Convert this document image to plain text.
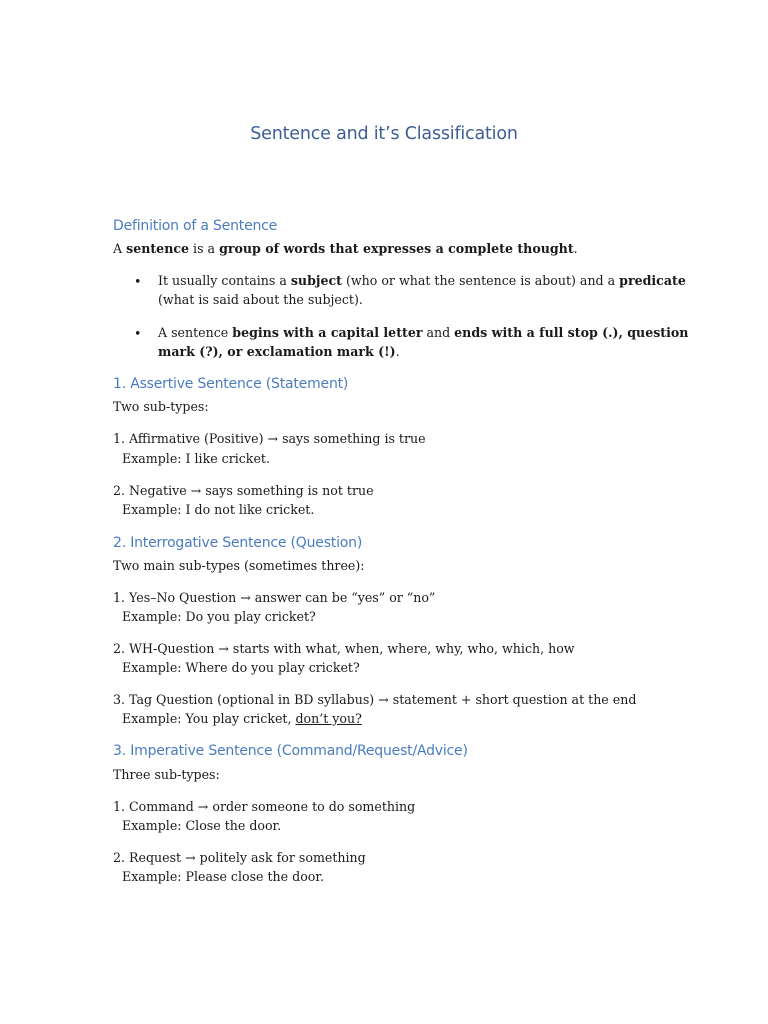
Sentence and it’s Classification
Definition of a Sentence
A sentence is a group of words that expresses a complete thought.
• It usually contains a subject (who or what the sentence is about) and a predicate
(what is said about the subject).
• A sentence begins with a capital letter and ends with a full stop (.), question
mark (?), or exclamation mark (!).
1. Assertive Sentence (Statement)
Two sub-types:
1. Affirmative (Positive) → says something is true
Example: I like cricket.
2. Negative → says something is not true
Example: I do not like cricket.
2. Interrogative Sentence (Question)
Two main sub-types (sometimes three):
1. Yes–No Question → answer can be “yes” or “no”
Example: Do you play cricket?
2. WH-Question → starts with what, when, where, why, who, which, how
Example: Where do you play cricket?
3. Tag Question (optional in BD syllabus) → statement + short question at the end
Example: You play cricket, don’t you?
3. Imperative Sentence (Command/Request/Advice)
Three sub-types:
1. Command → order someone to do something
Example: Close the door.
2. Request → politely ask for something
Example: Please close the door.
